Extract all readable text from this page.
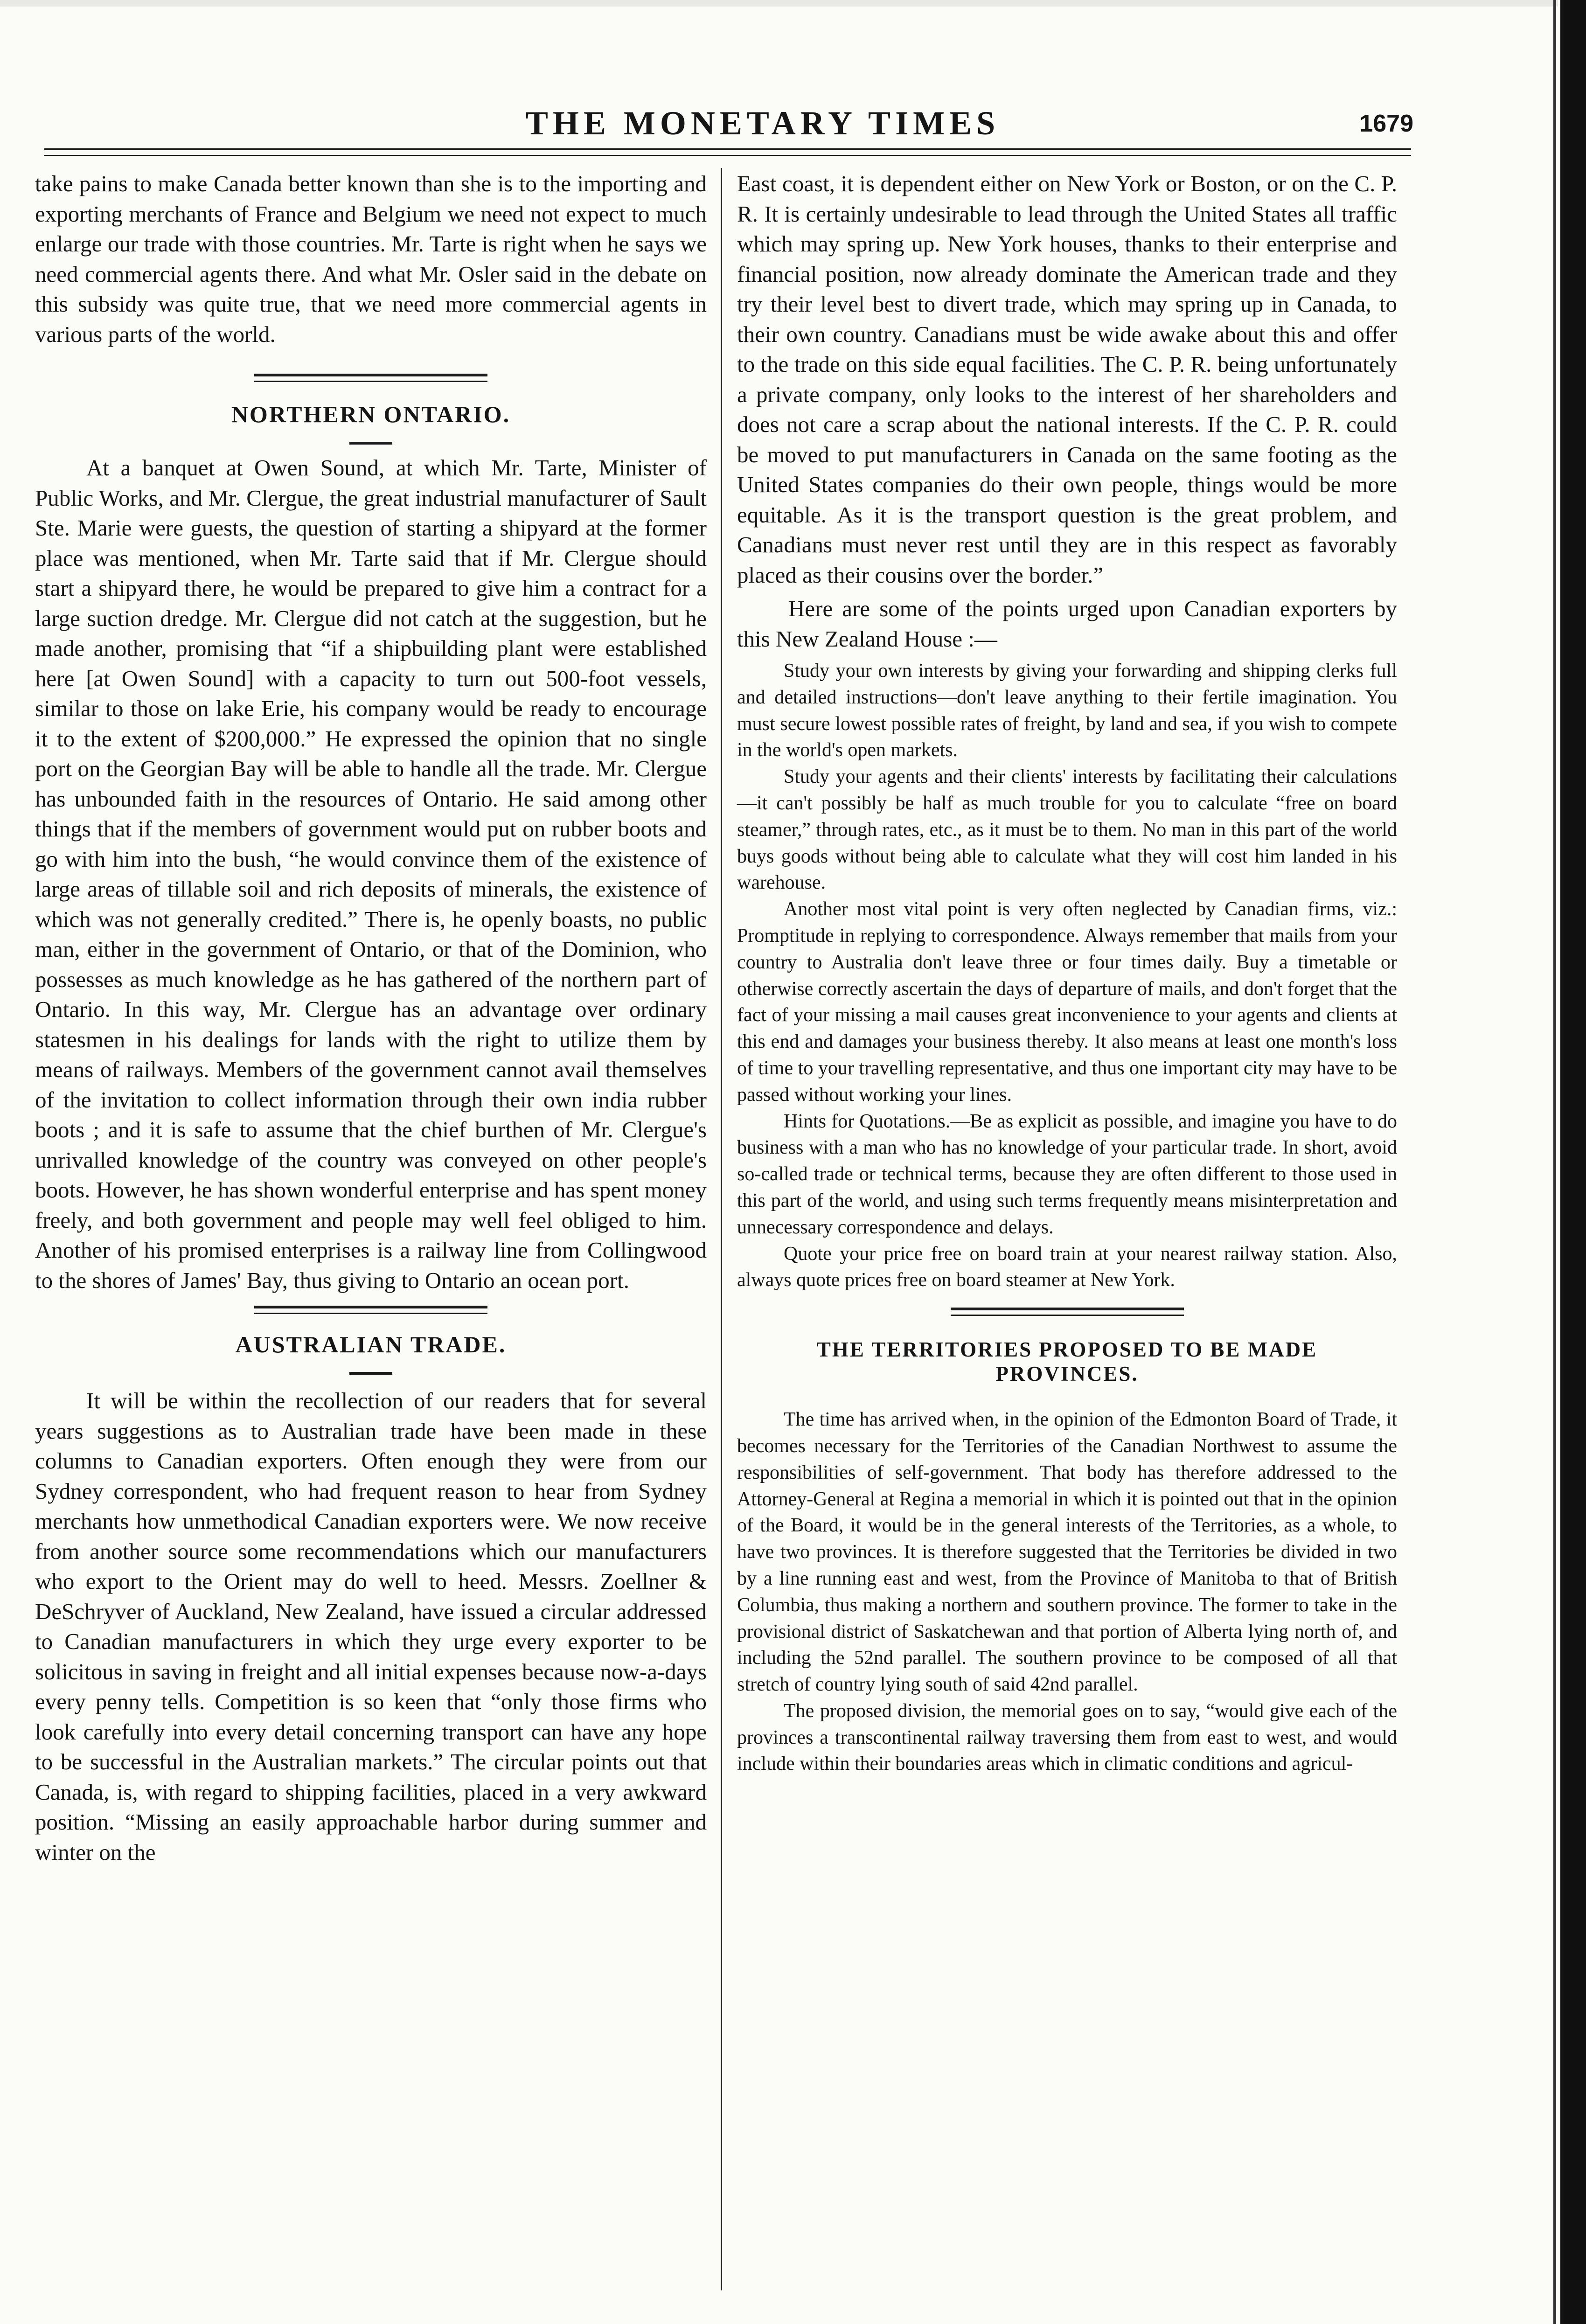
THE MONETARY TIMES	1679

take pains to make Canada better known than she is to the importing and exporting merchants of France and Belgium we need not expect to much enlarge our trade with those countries. Mr. Tarte is right when he says we need commercial agents there. And what Mr. Osler said in the debate on this subsidy was quite true, that we need more commercial agents in various parts of the world.

NORTHERN ONTARIO.

At a banquet at Owen Sound, at which Mr. Tarte, Minister of Public Works, and Mr. Clergue, the great industrial manufacturer of Sault Ste. Marie were guests, the question of starting a shipyard at the former place was mentioned, when Mr. Tarte said that if Mr. Clergue should start a shipyard there, he would be prepared to give him a contract for a large suction dredge. Mr. Clergue did not catch at the suggestion, but he made another, promising that “if a shipbuilding plant were established here [at Owen Sound] with a capacity to turn out 500-foot vessels, similar to those on lake Erie, his company would be ready to encourage it to the extent of $200,000.” He expressed the opinion that no single port on the Georgian Bay will be able to handle all the trade. Mr. Clergue has unbounded faith in the resources of Ontario. He said among other things that if the members of government would put on rubber boots and go with him into the bush, “he would convince them of the existence of large areas of tillable soil and rich deposits of minerals, the existence of which was not generally credited.” There is, he openly boasts, no public man, either in the government of Ontario, or that of the Dominion, who possesses as much knowledge as he has gathered of the northern part of Ontario. In this way, Mr. Clergue has an advantage over ordinary statesmen in his dealings for lands with the right to utilize them by means of railways. Members of the government cannot avail themselves of the invitation to collect information through their own india rubber boots ; and it is safe to assume that the chief burthen of Mr. Clergue's unrivalled knowledge of the country was conveyed on other people's boots. However, he has shown wonderful enterprise and has spent money freely, and both government and people may well feel obliged to him. Another of his promised enterprises is a railway line from Collingwood to the shores of James' Bay, thus giving to Ontario an ocean port.

AUSTRALIAN TRADE.

It will be within the recollection of our readers that for several years suggestions as to Australian trade have been made in these columns to Canadian exporters. Often enough they were from our Sydney correspondent, who had frequent reason to hear from Sydney merchants how unmethodical Canadian exporters were. We now receive from another source some recommendations which our manufacturers who export to the Orient may do well to heed. Messrs. Zoellner & DeSchryver of Auckland, New Zealand, have issued a circular addressed to Canadian manufacturers in which they urge every exporter to be solicitous in saving in freight and all initial expenses because now-a-days every penny tells. Competition is so keen that “only those firms who look carefully into every detail concerning transport can have any hope to be successful in the Australian markets.” The circular points out that Canada, is, with regard to shipping facilities, placed in a very awkward position. “Missing an easily approachable harbor during summer and winter on the

East coast, it is dependent either on New York or Boston, or on the C. P. R. It is certainly undesirable to lead through the United States all traffic which may spring up. New York houses, thanks to their enterprise and financial position, now already dominate the American trade and they try their level best to divert trade, which may spring up in Canada, to their own country. Canadians must be wide awake about this and offer to the trade on this side equal facilities. The C. P. R. being unfortunately a private company, only looks to the interest of her shareholders and does not care a scrap about the national interests. If the C. P. R. could be moved to put manufacturers in Canada on the same footing as the United States companies do their own people, things would be more equitable. As it is the transport question is the great problem, and Canadians must never rest until they are in this respect as favorably placed as their cousins over the border.”

Here are some of the points urged upon Canadian exporters by this New Zealand House :—

Study your own interests by giving your forwarding and shipping clerks full and detailed instructions—don't leave anything to their fertile imagination. You must secure lowest possible rates of freight, by land and sea, if you wish to compete in the world's open markets.

Study your agents and their clients' interests by facilitating their calculations—it can't possibly be half as much trouble for you to calculate “free on board steamer,” through rates, etc., as it must be to them. No man in this part of the world buys goods without being able to calculate what they will cost him landed in his warehouse.

Another most vital point is very often neglected by Canadian firms, viz.: Promptitude in replying to correspondence. Always remember that mails from your country to Australia don't leave three or four times daily. Buy a timetable or otherwise correctly ascertain the days of departure of mails, and don't forget that the fact of your missing a mail causes great inconvenience to your agents and clients at this end and damages your business thereby. It also means at least one month's loss of time to your travelling representative, and thus one important city may have to be passed without working your lines.

Hints for Quotations.—Be as explicit as possible, and imagine you have to do business with a man who has no knowledge of your particular trade. In short, avoid so-called trade or technical terms, because they are often different to those used in this part of the world, and using such terms frequently means misinterpretation and unnecessary correspondence and delays.

Quote your price free on board train at your nearest railway station. Also, always quote prices free on board steamer at New York.

THE TERRITORIES PROPOSED TO BE MADE PROVINCES.

The time has arrived when, in the opinion of the Edmonton Board of Trade, it becomes necessary for the Territories of the Canadian Northwest to assume the responsibilities of self-government. That body has therefore addressed to the Attorney-General at Regina a memorial in which it is pointed out that in the opinion of the Board, it would be in the general interests of the Territories, as a whole, to have two provinces. It is therefore suggested that the Territories be divided in two by a line running east and west, from the Province of Manitoba to that of British Columbia, thus making a northern and southern province. The former to take in the provisional district of Saskatchewan and that portion of Alberta lying north of, and including the 52nd parallel. The southern province to be composed of all that stretch of country lying south of said 42nd parallel.

The proposed division, the memorial goes on to say, “would give each of the provinces a transcontinental railway traversing them from east to west, and would include within their boundaries areas which in climatic conditions and agricul-
